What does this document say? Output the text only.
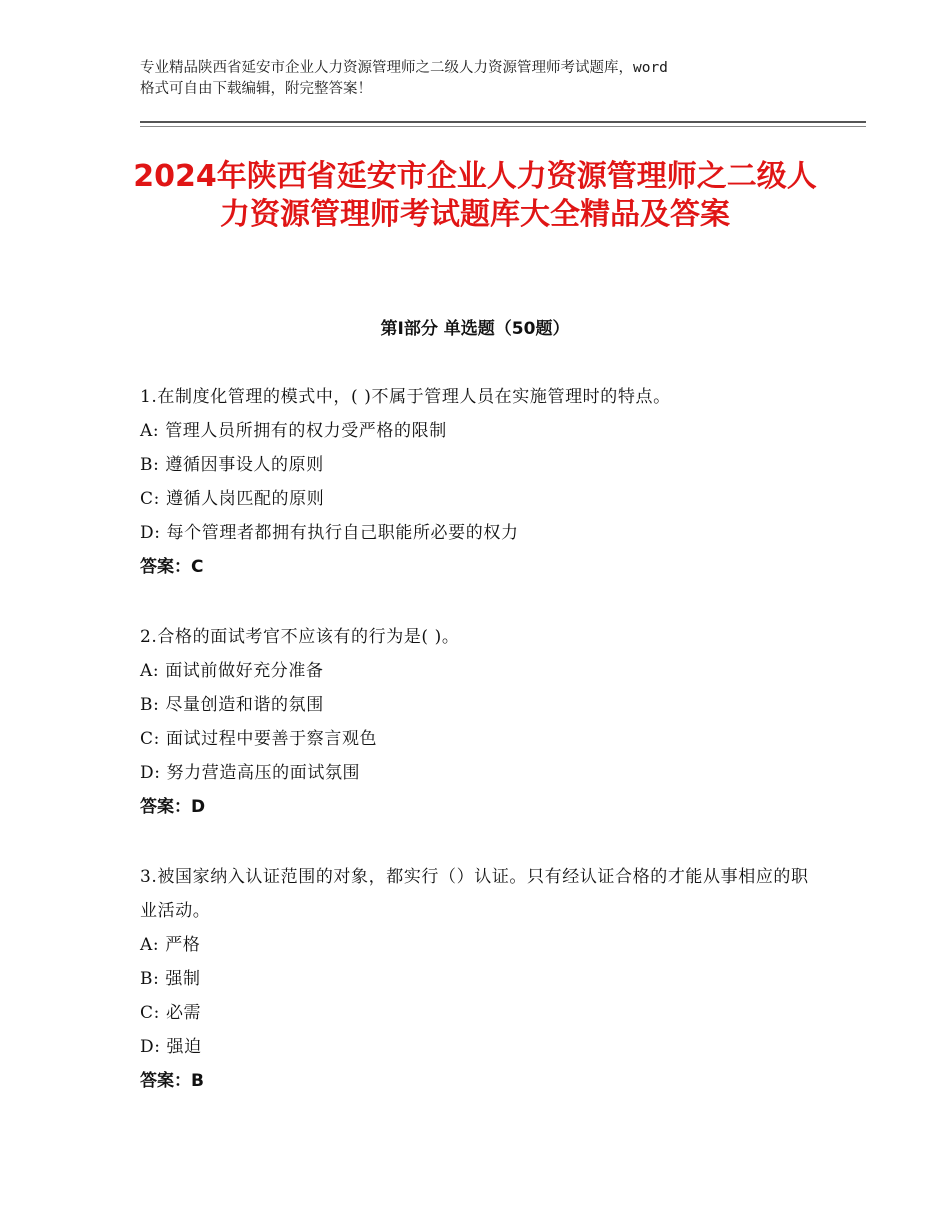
专业精品陕西省延安市企业人力资源管理师之二级人力资源管理师考试题库，word
格式可自由下载编辑，附完整答案！
2024年陕西省延安市企业人力资源管理师之二级人力资源管理师考试题库大全精品及答案
第Ⅰ部分 单选题（50题）
1.在制度化管理的模式中，( )不属于管理人员在实施管理时的特点。
A: 管理人员所拥有的权力受严格的限制
B: 遵循因事设人的原则
C: 遵循人岗匹配的原则
D: 每个管理者都拥有执行自己职能所必要的权力
答案：C
2.合格的面试考官不应该有的行为是( )。
A: 面试前做好充分准备
B: 尽量创造和谐的氛围
C: 面试过程中要善于察言观色
D: 努力营造高压的面试氛围
答案：D
3.被国家纳入认证范围的对象，都实行（）认证。只有经认证合格的才能从事相应的职业活动。
A: 严格
B: 强制
C: 必需
D: 强迫
答案：B
